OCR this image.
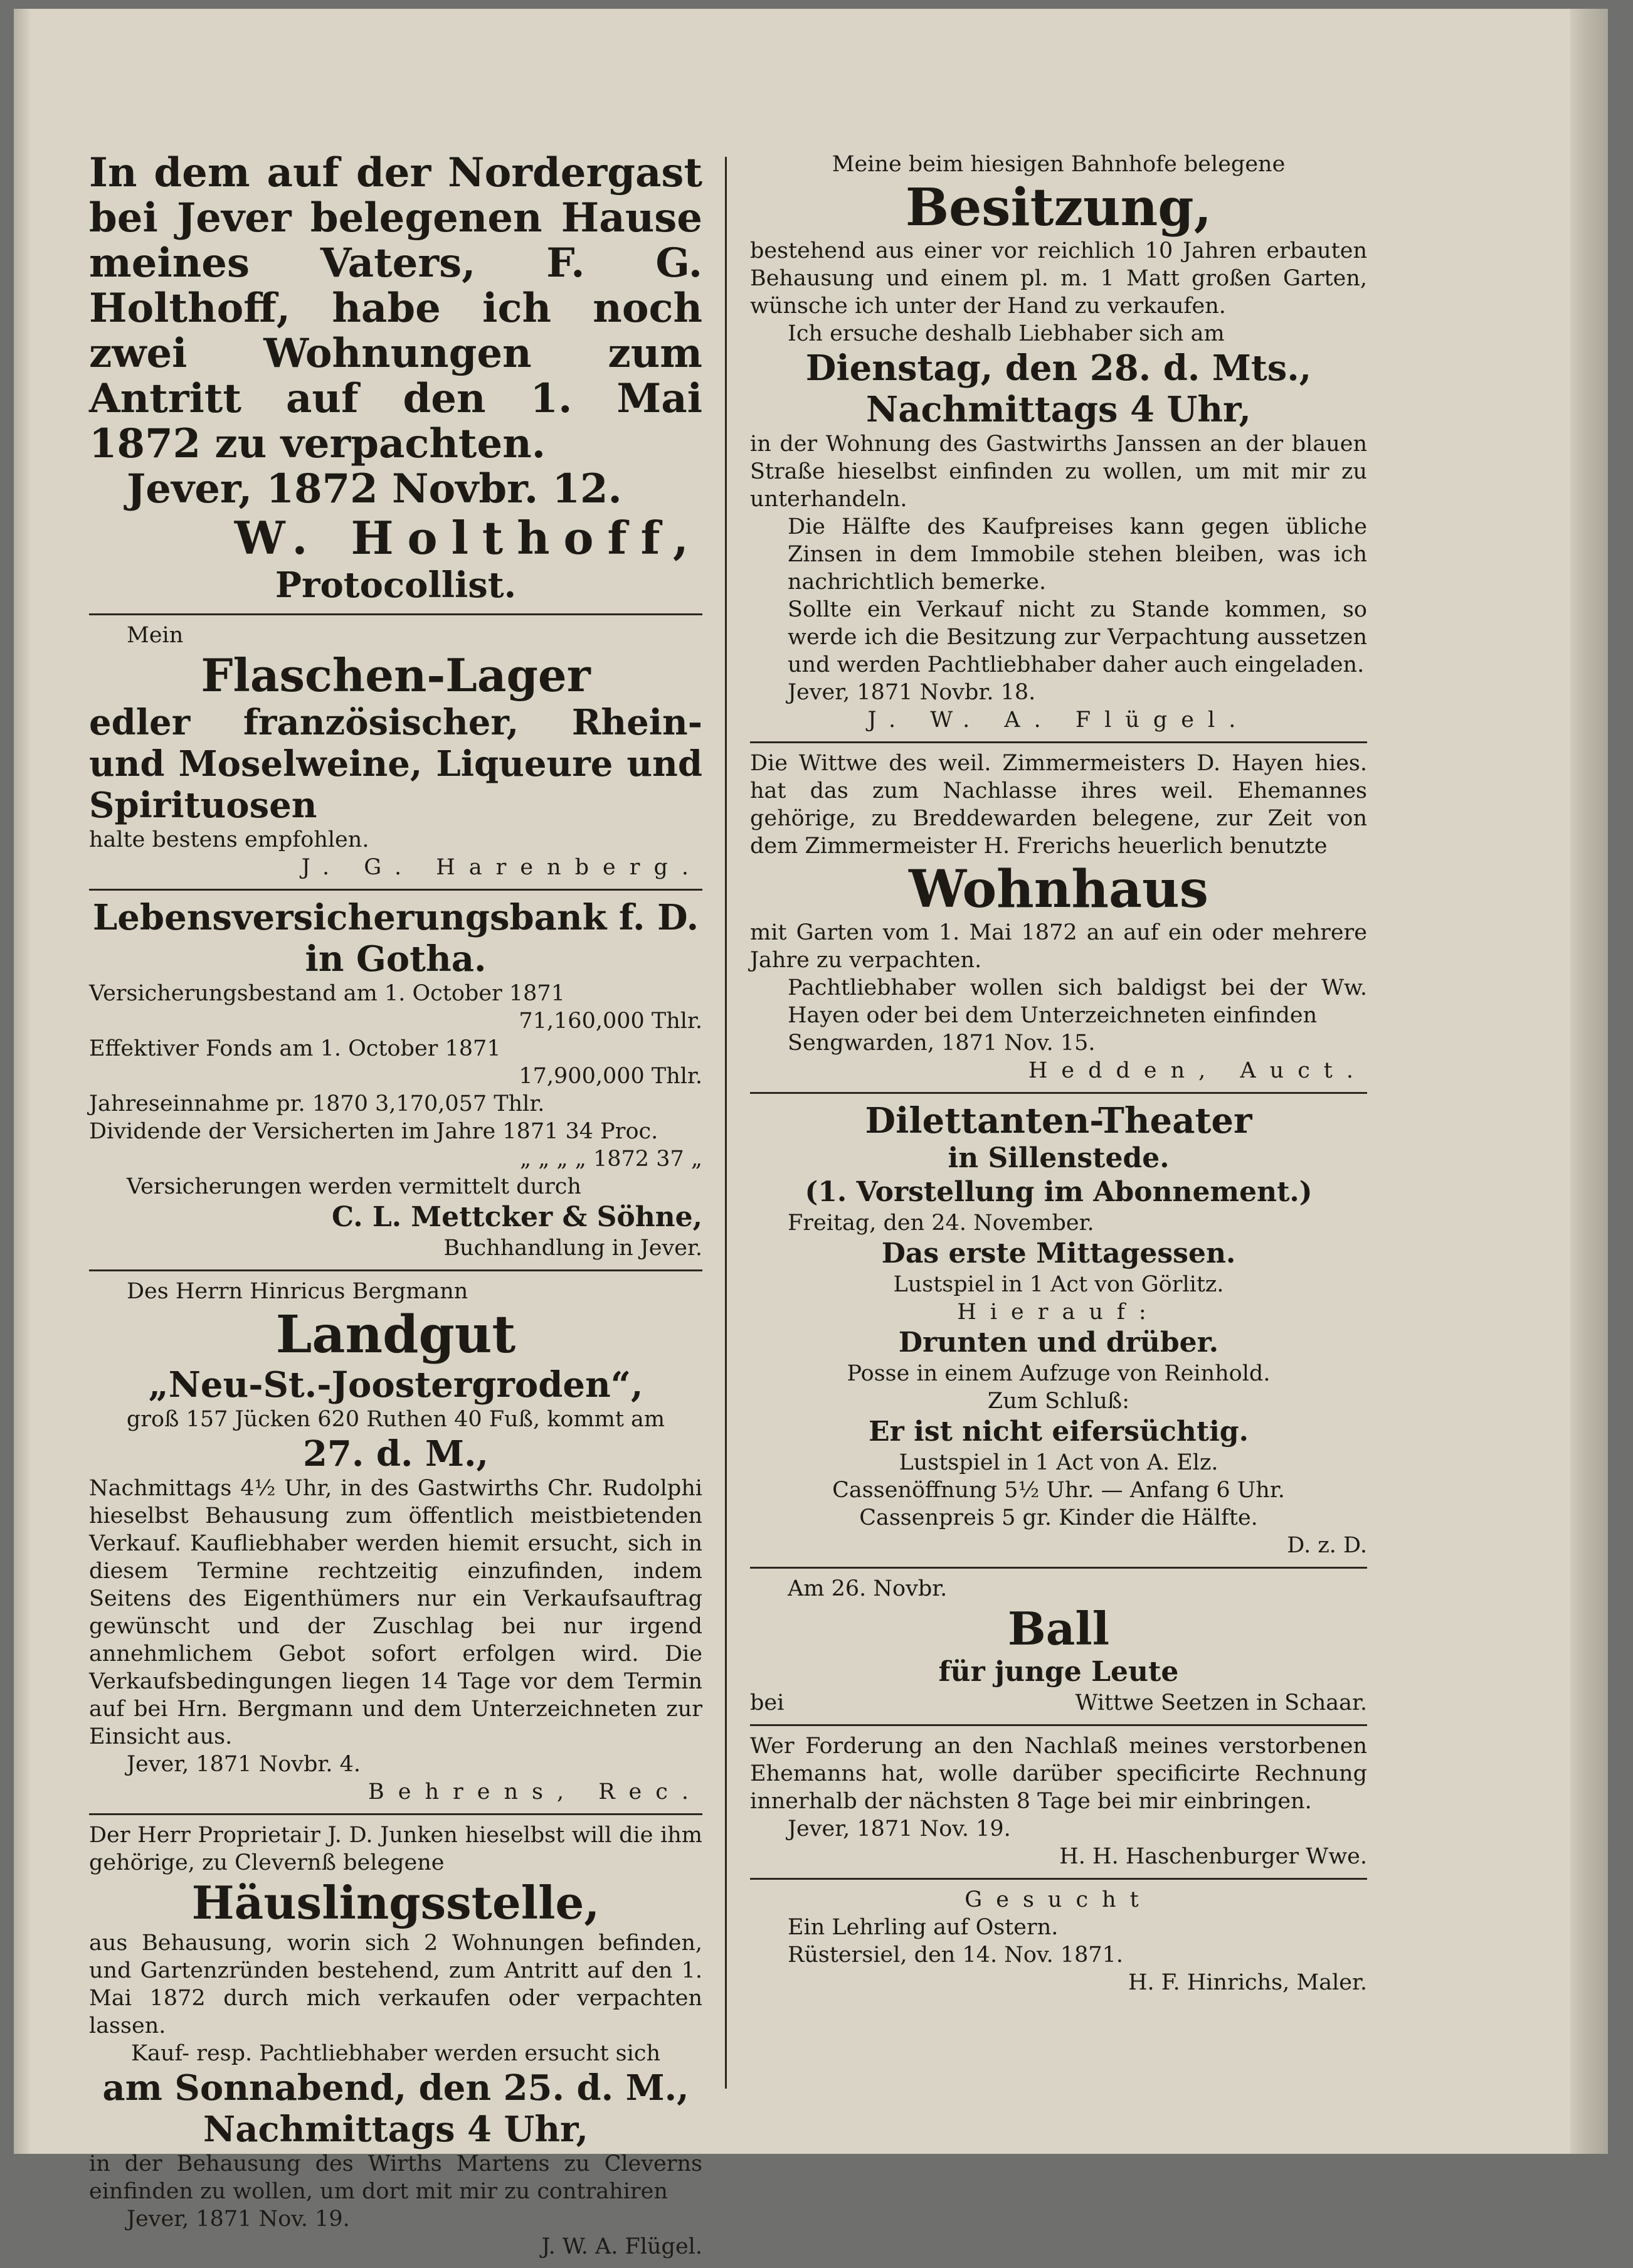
In dem auf der Nordergast bei Jever belegenen Hause meines Vaters, F. G. Holthoff, habe ich noch zwei Wohnungen zum Antritt auf den 1. Mai 1872 zu verpachten.

Jever, 1872 Novbr. 12.

W. Holthoff,

Protocollist.

Mein

Flaschen-Lager

edler französischer, Rhein- und Moselweine, Liqueure und Spirituosen

halte bestens empfohlen.

J. G. Harenberg.

Lebensversicherungsbank f. D. in Gotha.

Versicherungsbestand am 1. October 1871

71,160,000 Thlr.

Effektiver Fonds am 1. October 1871

17,900,000 Thlr.

Jahreseinnahme pr. 1870 3,170,057 Thlr.

Dividende der Versicherten im Jahre 1871 34 Proc.

„ „ „ „ 1872 37 „

Versicherungen werden vermittelt durch

C. L. Mettcker & Söhne,

Buchhandlung in Jever.

Des Herrn Hinricus Bergmann

Landgut

„Neu-St.-Joostergroden“,

groß 157 Jücken 620 Ruthen 40 Fuß, kommt am

27. d. M.,

Nachmittags 4½ Uhr, in des Gastwirths Chr. Rudolphi hieselbst Behausung zum öffentlich meistbietenden Verkauf. Kaufliebhaber werden hiemit ersucht, sich in diesem Termine rechtzeitig einzufinden, indem Seitens des Eigenthümers nur ein Verkaufsauftrag gewünscht und der Zuschlag bei nur irgend annehmlichem Gebot sofort erfolgen wird. Die Verkaufsbedingungen liegen 14 Tage vor dem Termin auf bei Hrn. Bergmann und dem Unterzeichneten zur Einsicht aus.

Jever, 1871 Novbr. 4.

Behrens, Rec.

Der Herr Proprietair J. D. Junken hieselbst will die ihm gehörige, zu Clevernß belegene

Häuslingsstelle,

aus Behausung, worin sich 2 Wohnungen befinden, und Gartenzründen bestehend, zum Antritt auf den 1. Mai 1872 durch mich verkaufen oder verpachten lassen.

Kauf- resp. Pachtliebhaber werden ersucht sich

am Sonnabend, den 25. d. M.,

Nachmittags 4 Uhr,

in der Behausung des Wirths Martens zu Cleverns einfinden zu wollen, um dort mit mir zu contrahiren

Jever, 1871 Nov. 19.

J. W. A. Flügel.

Meine beim hiesigen Bahnhofe belegene

Besitzung,

bestehend aus einer vor reichlich 10 Jahren erbauten Behausung und einem pl. m. 1 Matt großen Garten, wünsche ich unter der Hand zu verkaufen.

Ich ersuche deshalb Liebhaber sich am

Dienstag, den 28. d. Mts.,

Nachmittags 4 Uhr,

in der Wohnung des Gastwirths Janssen an der blauen Straße hieselbst einfinden zu wollen, um mit mir zu unterhandeln.

Die Hälfte des Kaufpreises kann gegen übliche Zinsen in dem Immobile stehen bleiben, was ich nachrichtlich bemerke.

Sollte ein Verkauf nicht zu Stande kommen, so werde ich die Besitzung zur Verpachtung aussetzen und werden Pachtliebhaber daher auch eingeladen.

Jever, 1871 Novbr. 18.

J. W. A. Flügel.

Die Wittwe des weil. Zimmermeisters D. Hayen hies. hat das zum Nachlasse ihres weil. Ehemannes gehörige, zu Breddewarden belegene, zur Zeit von dem Zimmermeister H. Frerichs heuerlich benutzte

Wohnhaus

mit Garten vom 1. Mai 1872 an auf ein oder mehrere Jahre zu verpachten.

Pachtliebhaber wollen sich baldigst bei der Ww. Hayen oder bei dem Unterzeichneten einfinden

Sengwarden, 1871 Nov. 15.

Hedden, Auct.

Dilettanten-Theater

in Sillenstede.

(1. Vorstellung im Abonnement.)

Freitag, den 24. November.

Das erste Mittagessen.

Lustspiel in 1 Act von Görlitz.

Hierauf:

Drunten und drüber.

Posse in einem Aufzuge von Reinhold.

Zum Schluß:

Er ist nicht eifersüchtig.

Lustspiel in 1 Act von A. Elz.

Cassenöffnung 5½ Uhr. — Anfang 6 Uhr.

Cassenpreis 5 gr. Kinder die Hälfte.

D. z. D.

Am 26. Novbr.

Ball

für junge Leute

bei	Wittwe Seetzen in Schaar.

Wer Forderung an den Nachlaß meines verstorbenen Ehemanns hat, wolle darüber specificirte Rechnung innerhalb der nächsten 8 Tage bei mir einbringen.

Jever, 1871 Nov. 19.

H. H. Haschenburger Wwe.

Gesucht

Ein Lehrling auf Ostern.

Rüstersiel, den 14. Nov. 1871.

H. F. Hinrichs, Maler.
